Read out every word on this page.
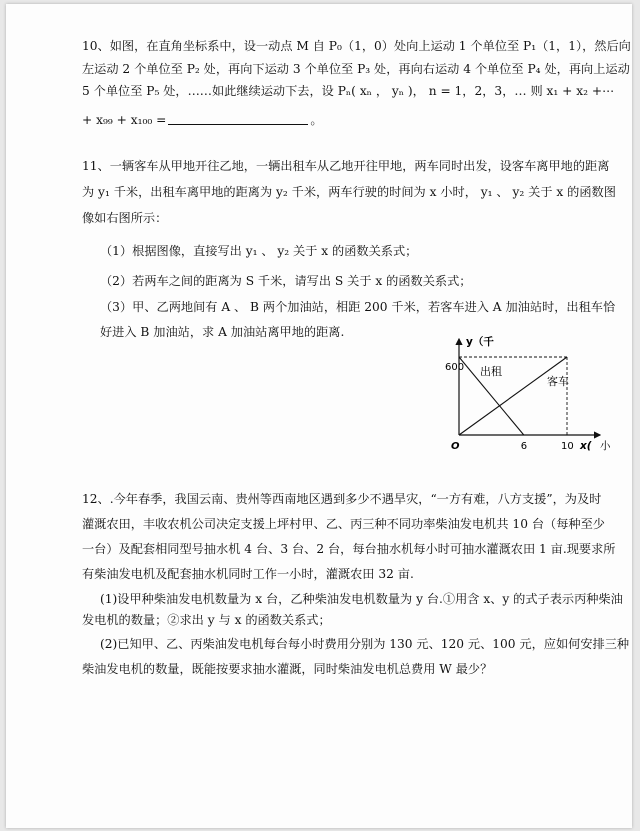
10、如图，在直角坐标系中，设一动点 M 自 P₀（1，0）处向上运动 1 个单位至 P₁（1，1），然后向
左运动 2 个单位至 P₂ 处，再向下运动 3 个单位至 P₃ 处，再向右运动 4 个单位至 P₄ 处，再向上运动
5 个单位至 P₅ 处，……如此继续运动下去，设 Pₙ( xₙ ， yₙ )， n = 1，2，3，… 则 x₁ + x₂ +⋯
+ x₉₉ + x₁₀₀ =	。
11、一辆客车从甲地开往乙地，一辆出租车从乙地开往甲地，两车同时出发，设客车离甲地的距离
为 y₁ 千米，出租车离甲地的距离为 y₂ 千米，两车行驶的时间为 x 小时， y₁ 、 y₂ 关于 x 的函数图
像如右图所示：
（1）根据图像，直接写出 y₁ 、 y₂ 关于 x 的函数关系式；
（2）若两车之间的距离为 S 千米，请写出 S 关于 x 的函数关系式；
（3）甲、乙两地间有 A 、 B 两个加油站，相距 200 千米，若客车进入 A 加油站时，出租车恰
好进入 B 加油站，求 A 加油站离甲地的距离.
y（千
600
O	6	10 x( 小
出租
客车
12、.今年春季，我国云南、贵州等西南地区遇到多少不遇旱灾，“一方有难，八方支援”，为及时
灌溉农田，丰收农机公司决定支援上坪村甲、乙、丙三种不同功率柴油发电机共 10 台（每种至少
一台）及配套相同型号抽水机 4 台、3 台、2 台，每台抽水机每小时可抽水灌溉农田 1 亩.现要求所
有柴油发电机及配套抽水机同时工作一小时，灌溉农田 32 亩.
(1)设甲种柴油发电机数量为 x 台，乙种柴油发电机数量为 y 台.①用含 x、y 的式子表示丙种柴油
发电机的数量；②求出 y 与 x 的函数关系式；
(2)已知甲、乙、丙柴油发电机每台每小时费用分别为 130 元、120 元、100 元，应如何安排三种
柴油发电机的数量，既能按要求抽水灌溉，同时柴油发电机总费用 W 最少？
